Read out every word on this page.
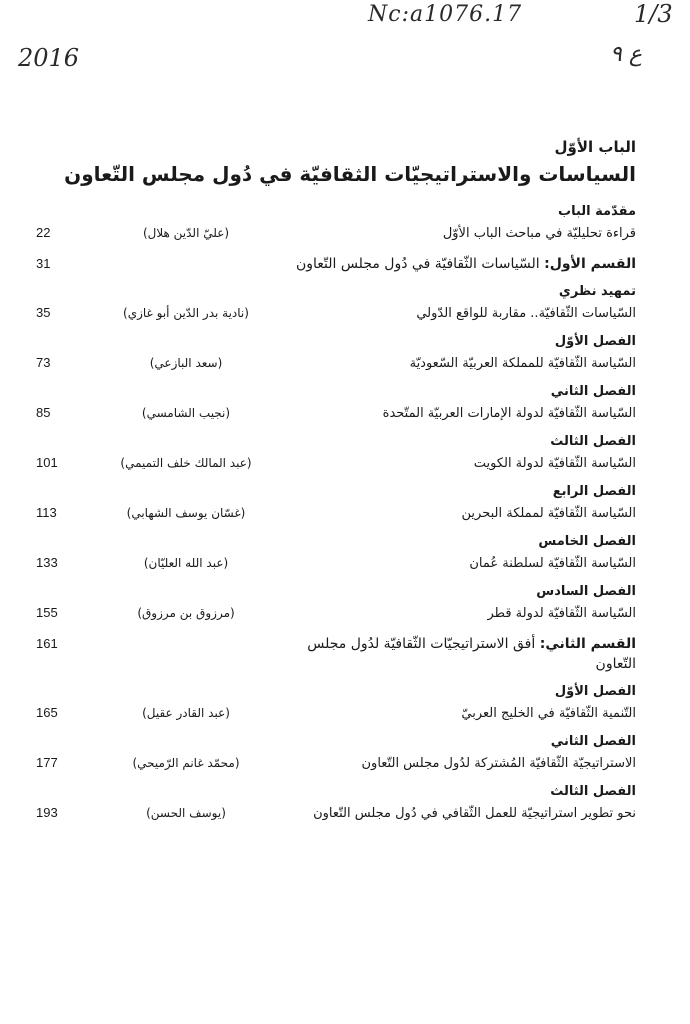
Nc:a1076.17	1/3
2016	ع ٩
الباب الأوّل
السياسات والاستراتيجيّات الثقافيّة في دُول مجلس التّعاون
مقدّمة الباب
22	(عليّ الدّين هلال)	قراءة تحليليّة في مباحث الباب الأوّل
31	القسم الأول: السّياسات الثّقافيّة في دُول مجلس التّعاون
تمهيد نظري
35	(نادية بدر الدّين أبو غازي)	السّياسات الثّقافيّة.. مقاربة للواقع الدّولي
الفصل الأوّل
73	(سعد البازعي)	السّياسة الثّقافيّة للمملكة العربيّة السّعوديّة
الفصل الثاني
85	(نجيب الشامسي)	السّياسة الثّقافيّة لدولة الإمارات العربيّة المتّحدة
الفصل الثالث
101	(عبد المالك خلف التميمي)	السّياسة الثّقافيّة لدولة الكويت
الفصل الرابع
113	(غسّان يوسف الشهابي)	السّياسة الثّقافيّة لمملكة البحرين
الفصل الخامس
133	(عبد الله العليّان)	السّياسة الثّقافيّة لسلطنة عُمان
الفصل السادس
155	(مرزوق بن مرزوق)	السّياسة الثّقافيّة لدولة قطر
161	القسم الثاني: أفق الاستراتيجيّات الثّقافيّة لدُول مجلس التّعاون
الفصل الأوّل
165	(عبد القادر عقيل)	التّنمية الثّقافيّة في الخليج العربيّ
الفصل الثاني
177	(محمّد غانم الرّميحي)	الاستراتيجيّة الثّقافيّة المُشتركة لدُول مجلس التّعاون
الفصل الثالث
193	(يوسف الحسن)	نحو تطوير استراتيجيّة للعمل الثّقافي في دُول مجلس التّعاون
